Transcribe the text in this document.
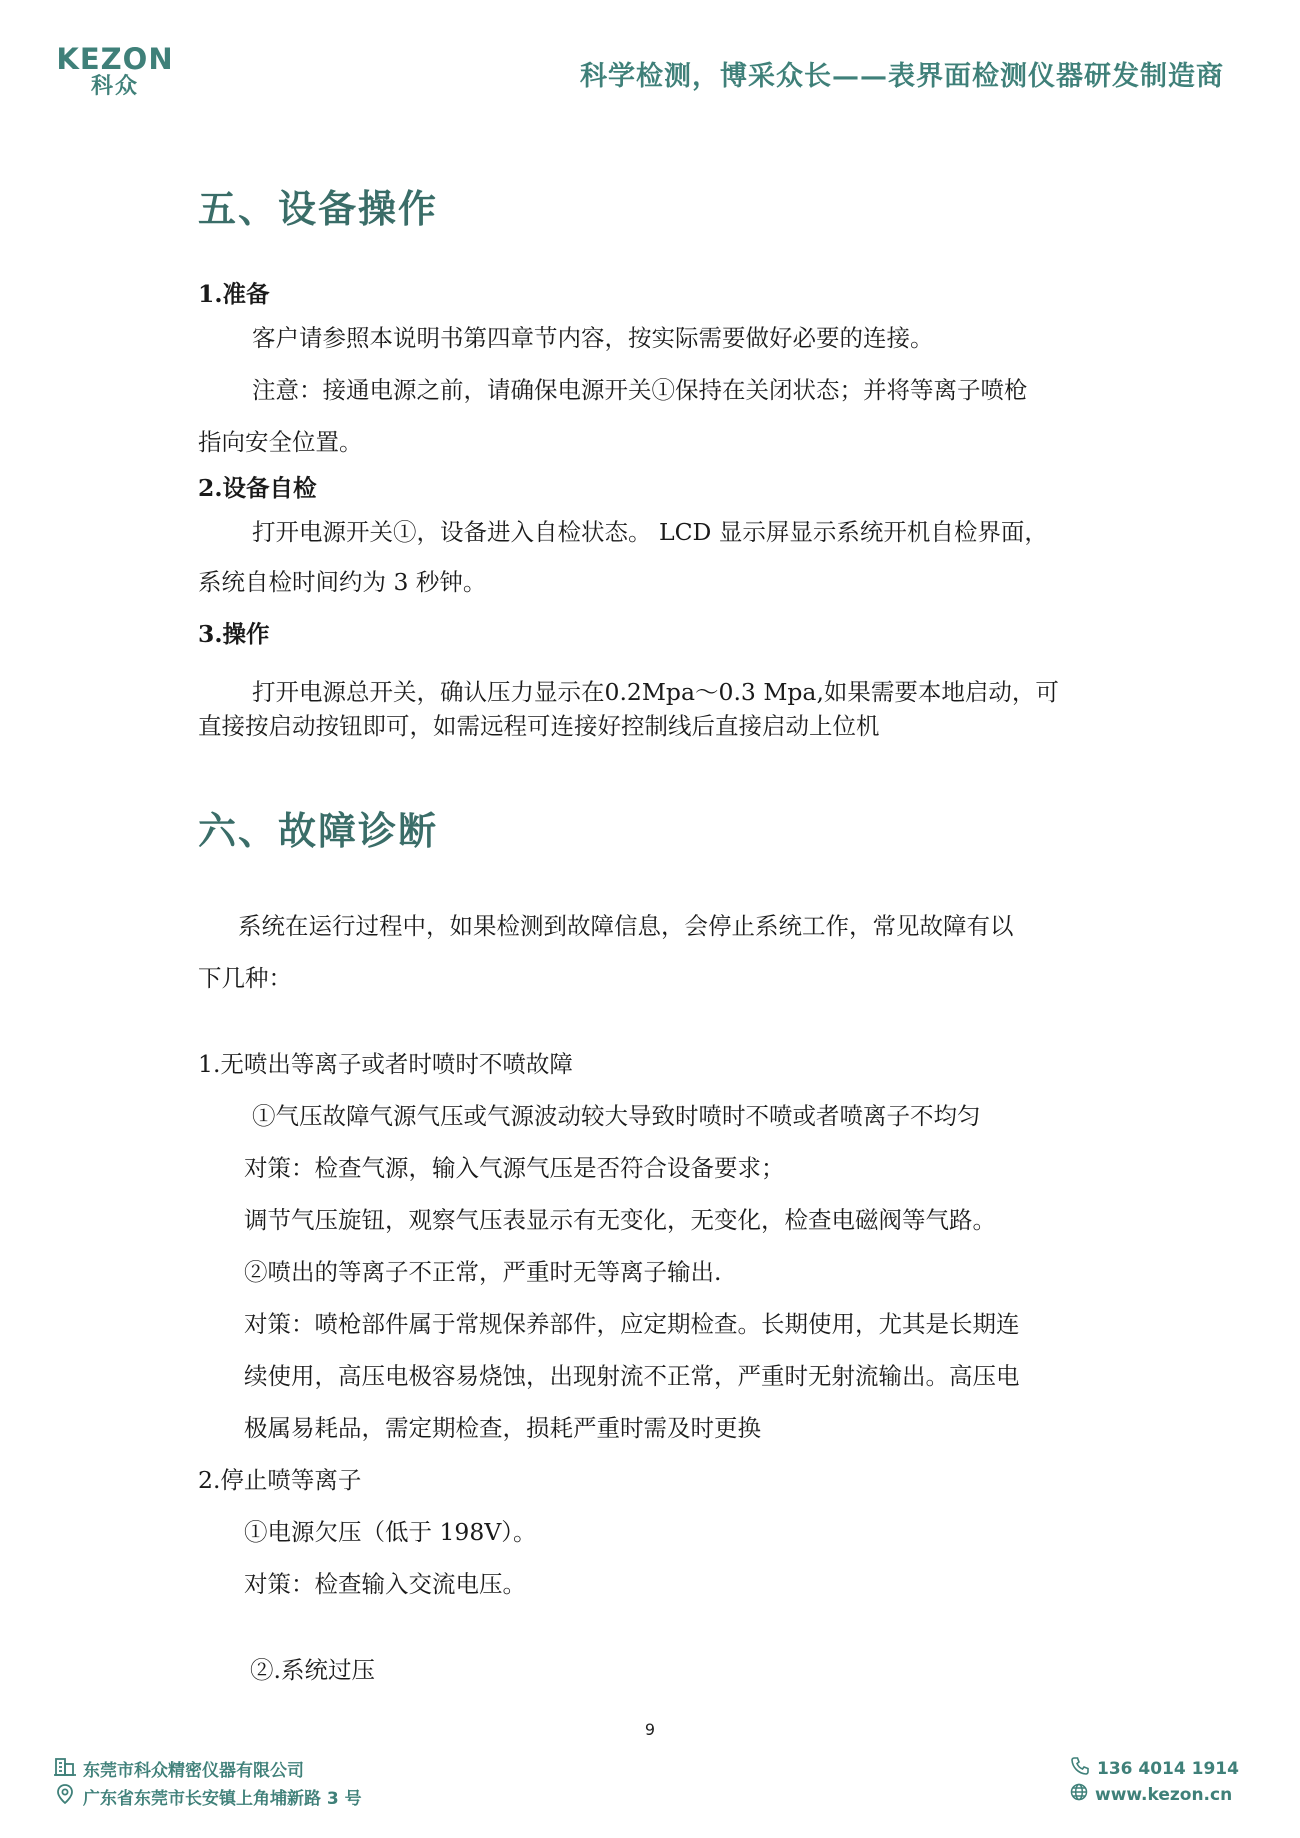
KEZON
科众	科学检测，博采众长——表界面检测仪器研发制造商
五、设备操作
1.准备
客户请参照本说明书第四章节内容，按实际需要做好必要的连接。
注意：接通电源之前，请确保电源开关①保持在关闭状态；并将等离子喷枪
指向安全位置。
2.设备自检
打开电源开关①，设备进入自检状态。 LCD 显示屏显示系统开机自检界面，
系统自检时间约为 3 秒钟。
3.操作
打开电源总开关，确认压力显示在0.2Mpa～0.3 Mpa,如果需要本地启动，可
直接按启动按钮即可，如需远程可连接好控制线后直接启动上位机
六、故障诊断
系统在运行过程中，如果检测到故障信息，会停止系统工作，常见故障有以
下几种：
1.无喷出等离子或者时喷时不喷故障
①气压故障气源气压或气源波动较大导致时喷时不喷或者喷离子不均匀
对策：检查气源，输入气源气压是否符合设备要求；
调节气压旋钮，观察气压表显示有无变化，无变化，检查电磁阀等气路。
②喷出的等离子不正常，严重时无等离子输出.
对策：喷枪部件属于常规保养部件，应定期检查。长期使用，尤其是长期连
续使用，高压电极容易烧蚀，出现射流不正常，严重时无射流输出。高压电
极属易耗品，需定期检查，损耗严重时需及时更换
2.停止喷等离子
①电源欠压（低于 198V）。
对策：检查输入交流电压。
②.系统过压
9
东莞市科众精密仪器有限公司
广东省东莞市长安镇上角埔新路 3 号
136 4014 1914
www.kezon.cn
